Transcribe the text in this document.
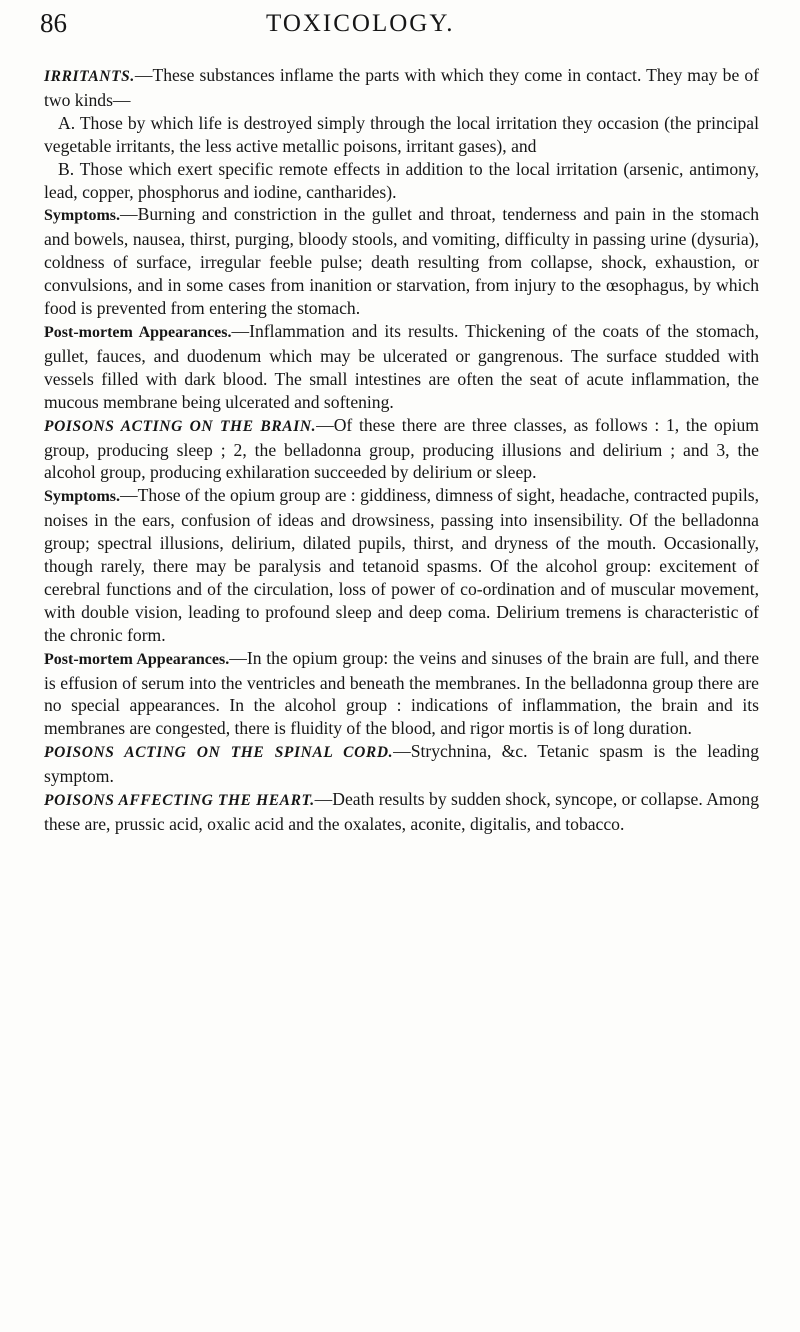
86	TOXICOLOGY.

IRRITANTS.—These substances inflame the parts with which they come in contact. They may be of two kinds—

A. Those by which life is destroyed simply through the local irritation they occasion (the principal vegetable irritants, the less active metallic poisons, irritant gases), and

B. Those which exert specific remote effects in addition to the local irritation (arsenic, antimony, lead, copper, phosphorus and iodine, cantharides).

Symptoms.—Burning and constriction in the gullet and throat, tenderness and pain in the stomach and bowels, nausea, thirst, purging, bloody stools, and vomiting, difficulty in passing urine (dysuria), coldness of surface, irregular feeble pulse; death resulting from collapse, shock, exhaustion, or convulsions, and in some cases from inanition or starvation, from injury to the œsophagus, by which food is prevented from entering the stomach.

Post-mortem Appearances.—Inflammation and its results. Thickening of the coats of the stomach, gullet, fauces, and duodenum which may be ulcerated or gangrenous. The surface studded with vessels filled with dark blood. The small intestines are often the seat of acute inflammation, the mucous membrane being ulcerated and softening.

POISONS ACTING ON THE BRAIN.—Of these there are three classes, as follows : 1, the opium group, producing sleep ; 2, the belladonna group, producing illusions and delirium ; and 3, the alcohol group, producing exhilaration succeeded by delirium or sleep.

Symptoms.—Those of the opium group are : giddiness, dimness of sight, headache, contracted pupils, noises in the ears, confusion of ideas and drowsiness, passing into insensibility. Of the belladonna group; spectral illusions, delirium, dilated pupils, thirst, and dryness of the mouth. Occasionally, though rarely, there may be paralysis and tetanoid spasms. Of the alcohol group: excitement of cerebral functions and of the circulation, loss of power of co-ordination and of muscular movement, with double vision, leading to profound sleep and deep coma. Delirium tremens is characteristic of the chronic form.

Post-mortem Appearances.—In the opium group: the veins and sinuses of the brain are full, and there is effusion of serum into the ventricles and beneath the membranes. In the belladonna group there are no special appearances. In the alcohol group : indications of inflammation, the brain and its membranes are congested, there is fluidity of the blood, and rigor mortis is of long duration.

POISONS ACTING ON THE SPINAL CORD.—Strychnina, &c. Tetanic spasm is the leading symptom.

POISONS AFFECTING THE HEART.—Death results by sudden shock, syncope, or collapse. Among these are, prussic acid, oxalic acid and the oxalates, aconite, digitalis, and tobacco.
